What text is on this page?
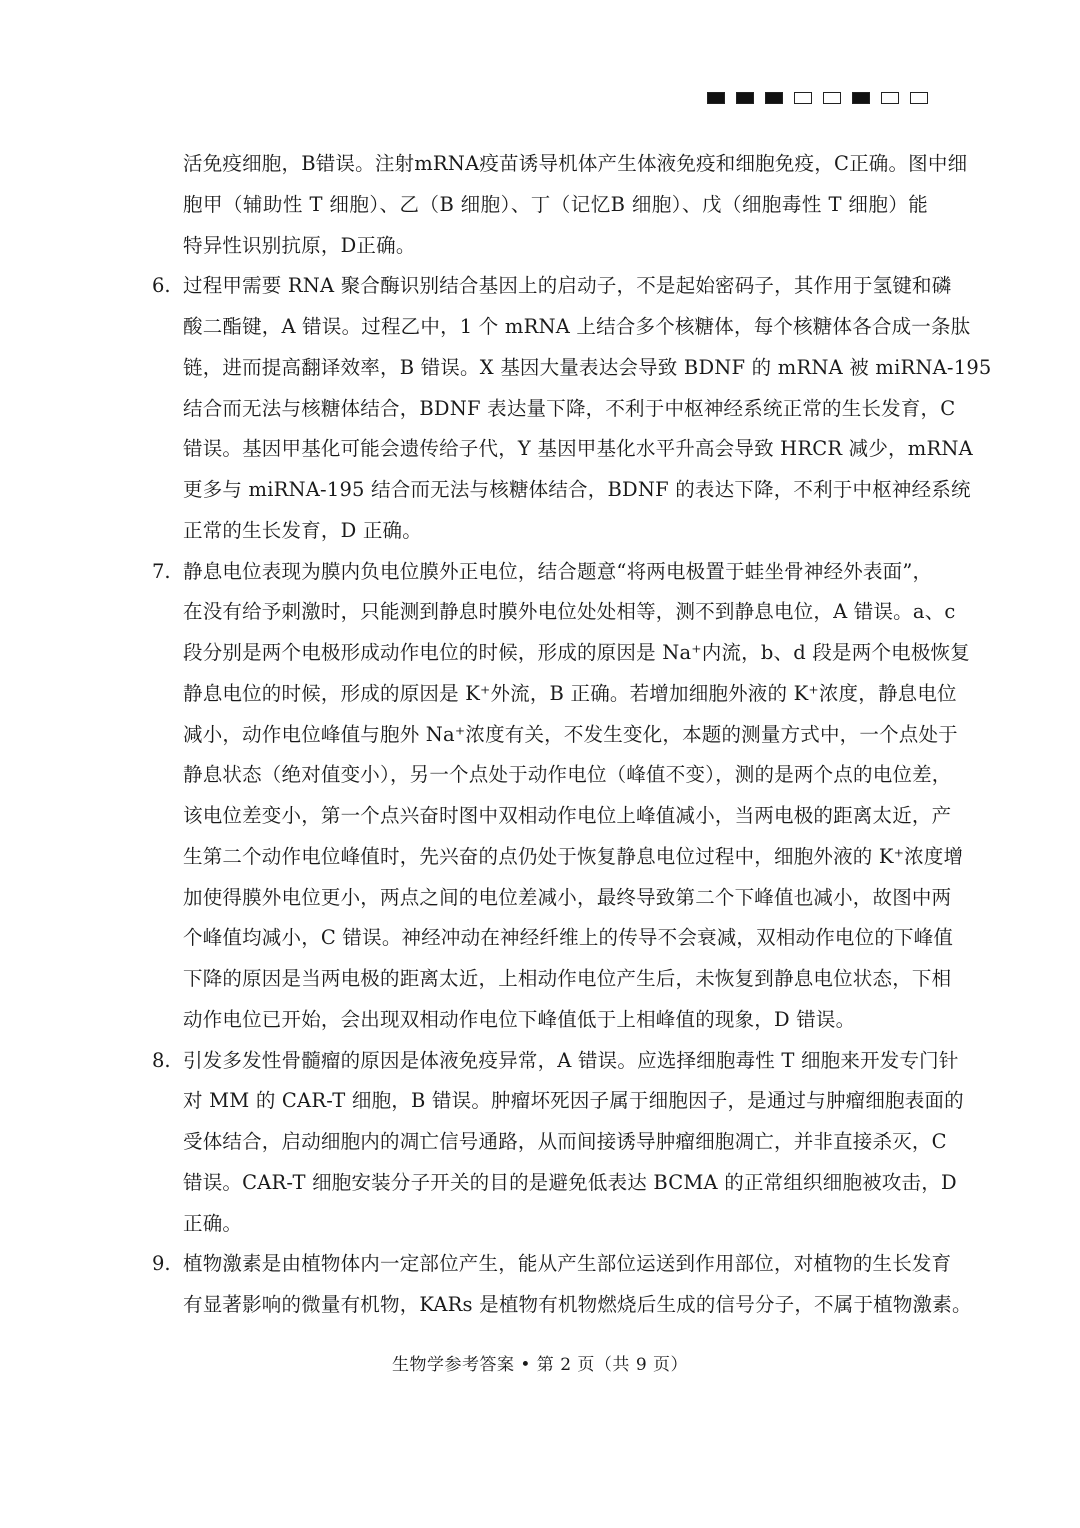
活免疫细胞，B错误。注射mRNA疫苗诱导机体产生体液免疫和细胞免疫，C正确。图中细
胞甲（辅助性 T 细胞）、乙（B 细胞）、丁（记忆B 细胞）、戊（细胞毒性 T 细胞）能
特异性识别抗原，D正确。
6. 过程甲需要 RNA 聚合酶识别结合基因上的启动子，不是起始密码子，其作用于氢键和磷
酸二酯键，A 错误。过程乙中，1 个 mRNA 上结合多个核糖体，每个核糖体各合成一条肽
链，进而提高翻译效率，B 错误。X 基因大量表达会导致 BDNF 的 mRNA 被 miRNA-195
结合而无法与核糖体结合，BDNF 表达量下降，不利于中枢神经系统正常的生长发育，C
错误。基因甲基化可能会遗传给子代，Y 基因甲基化水平升高会导致 HRCR 减少，mRNA
更多与 miRNA-195 结合而无法与核糖体结合，BDNF 的表达下降，不利于中枢神经系统
正常的生长发育，D 正确。
7. 静息电位表现为膜内负电位膜外正电位，结合题意“将两电极置于蛙坐骨神经外表面”，
在没有给予刺激时，只能测到静息时膜外电位处处相等，测不到静息电位，A 错误。a、c
段分别是两个电极形成动作电位的时候，形成的原因是 Na⁺内流，b、d 段是两个电极恢复
静息电位的时候，形成的原因是 K⁺外流，B 正确。若增加细胞外液的 K⁺浓度，静息电位
减小，动作电位峰值与胞外 Na⁺浓度有关，不发生变化，本题的测量方式中，一个点处于
静息状态（绝对值变小），另一个点处于动作电位（峰值不变），测的是两个点的电位差，
该电位差变小，第一个点兴奋时图中双相动作电位上峰值减小，当两电极的距离太近，产
生第二个动作电位峰值时，先兴奋的点仍处于恢复静息电位过程中，细胞外液的 K⁺浓度增
加使得膜外电位更小，两点之间的电位差减小，最终导致第二个下峰值也减小，故图中两
个峰值均减小，C 错误。神经冲动在神经纤维上的传导不会衰减，双相动作电位的下峰值
下降的原因是当两电极的距离太近，上相动作电位产生后，未恢复到静息电位状态，下相
动作电位已开始，会出现双相动作电位下峰值低于上相峰值的现象，D 错误。
8. 引发多发性骨髓瘤的原因是体液免疫异常，A 错误。应选择细胞毒性 T 细胞来开发专门针
对 MM 的 CAR-T 细胞，B 错误。肿瘤坏死因子属于细胞因子，是通过与肿瘤细胞表面的
受体结合，启动细胞内的凋亡信号通路，从而间接诱导肿瘤细胞凋亡，并非直接杀灭，C
错误。CAR-T 细胞安装分子开关的目的是避免低表达 BCMA 的正常组织细胞被攻击，D
正确。
9. 植物激素是由植物体内一定部位产生，能从产生部位运送到作用部位，对植物的生长发育
有显著影响的微量有机物，KARs 是植物有机物燃烧后生成的信号分子，不属于植物激素。
生物学参考答案 • 第 2 页（共 9 页）
